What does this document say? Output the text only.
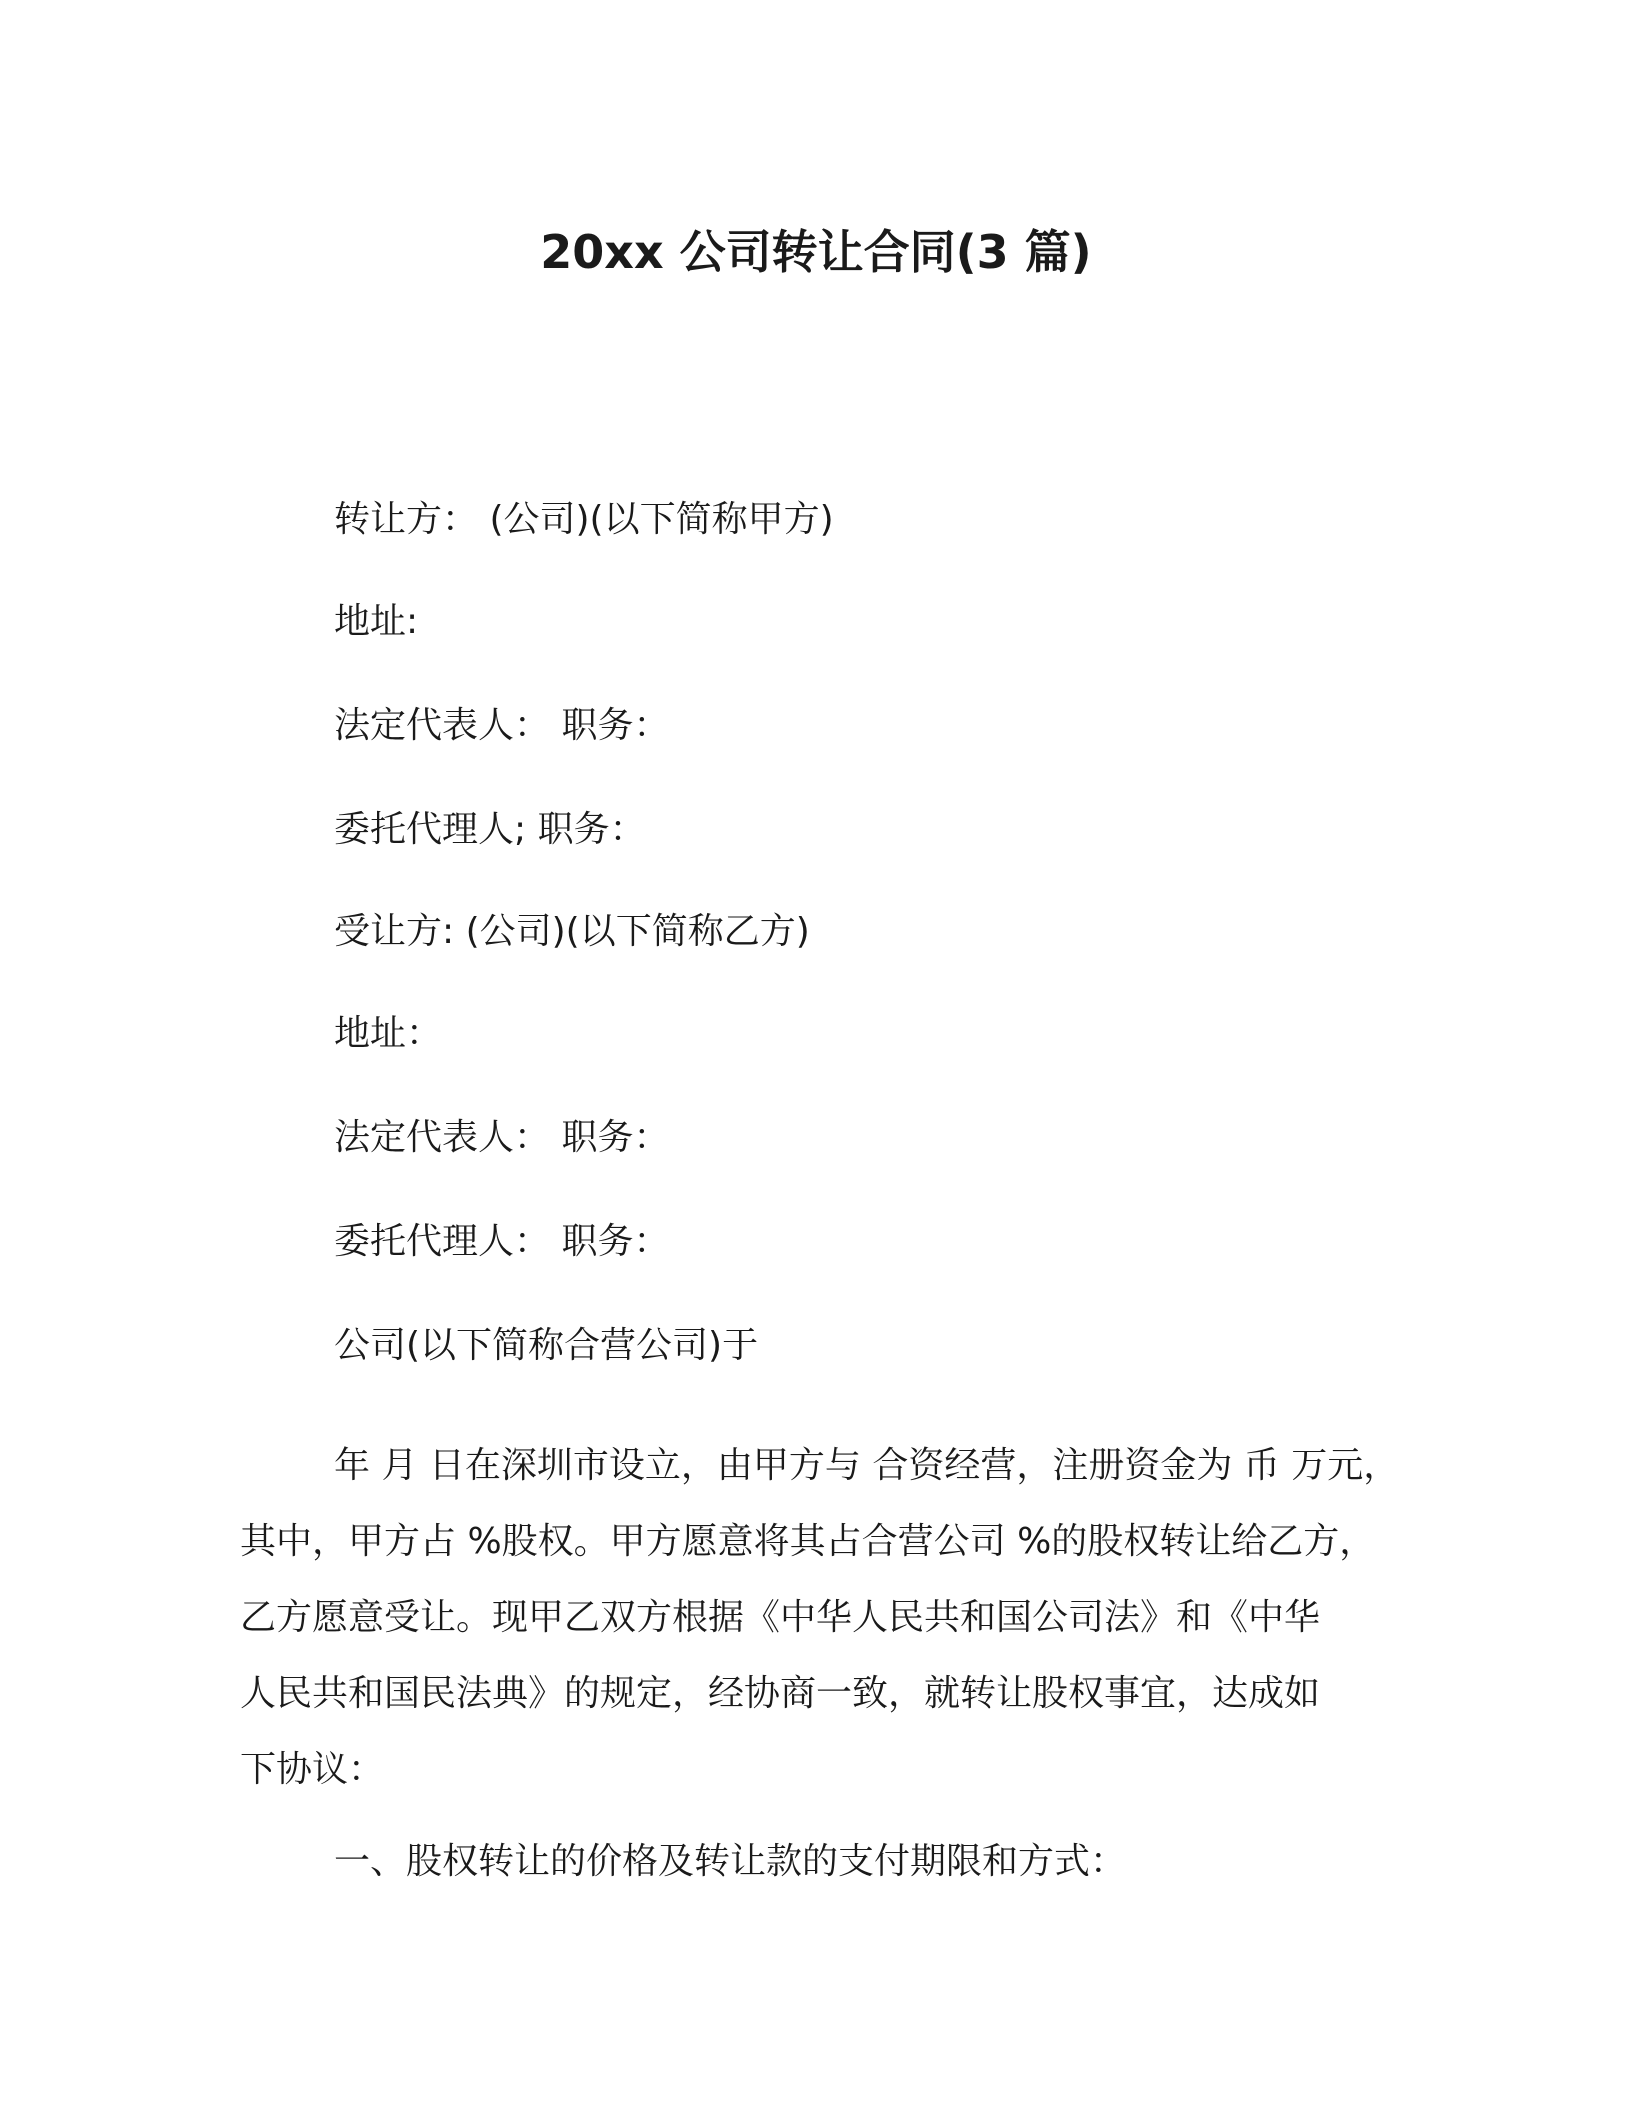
20xx 公司转让合同(3 篇)
转让方： (公司)(以下简称甲方)
地址:
法定代表人： 职务：
委托代理人; 职务：
受让方: (公司)(以下简称乙方)
地址：
法定代表人： 职务：
委托代理人： 职务：
公司(以下简称合营公司)于
年 月 日在深圳市设立，由甲方与 合资经营，注册资金为 币 万元，
其中，甲方占 %股权。甲方愿意将其占合营公司 %的股权转让给乙方，
乙方愿意受让。现甲乙双方根据《中华人民共和国公司法》和《中华
人民共和国民法典》的规定，经协商一致，就转让股权事宜，达成如
下协议：
一、股权转让的价格及转让款的支付期限和方式：
